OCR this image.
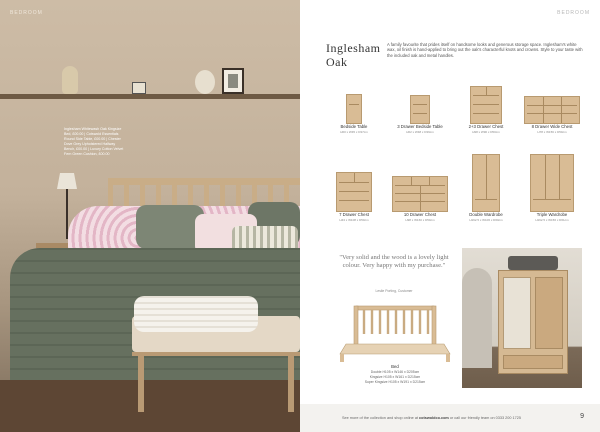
BEDROOM
Inglesham Whitewash Oak Kingsize
Bed, £00.00 | Cotswold Essentials
Round Side Table, £00.00 | Chester
Dove Grey Upholstered Hallway
Bench, £00.00 | Luxury Cotton Velvet
Fern Green Cushion, £00.00
BEDROOM
Inglesham
Oak
A family favourite that prides itself on handsome looks and generous storage space. Inglesham's white wax, oil finish is hand-applied to bring out the oak's characterful knots and crowns. Style to your taste with the included oak and metal handles.
Bedside Table
H60 x W45 x D37cm
3 Drawer Bedside Table
H62 x W48 x D39cm
2+3 Drawer Chest
H98 x W90 x D50cm
8 Drawer Wide Chest
H78 x W156 x D50cm
7 Drawer Chest
H43 x W108 x D50cm
10 Drawer Chest
H98 x W160 x D50cm
Double Wardrobe
H192.5 x W106 x D60cm
Triple Wardrobe
H192.5 x W156 x D61cm
"Very solid and the wood is a lovely light colour. Very happy with my purchase."
Leslie Porting, Customer
Bed
Double H105 x W146 x D205cm
Kingsize H105 x W161 x D215cm
Super Kingsize H105 x W191 x D215cm
See more of the collection and shop online at cotswoldco.com or call our friendly team on 0333 200 1725	9
